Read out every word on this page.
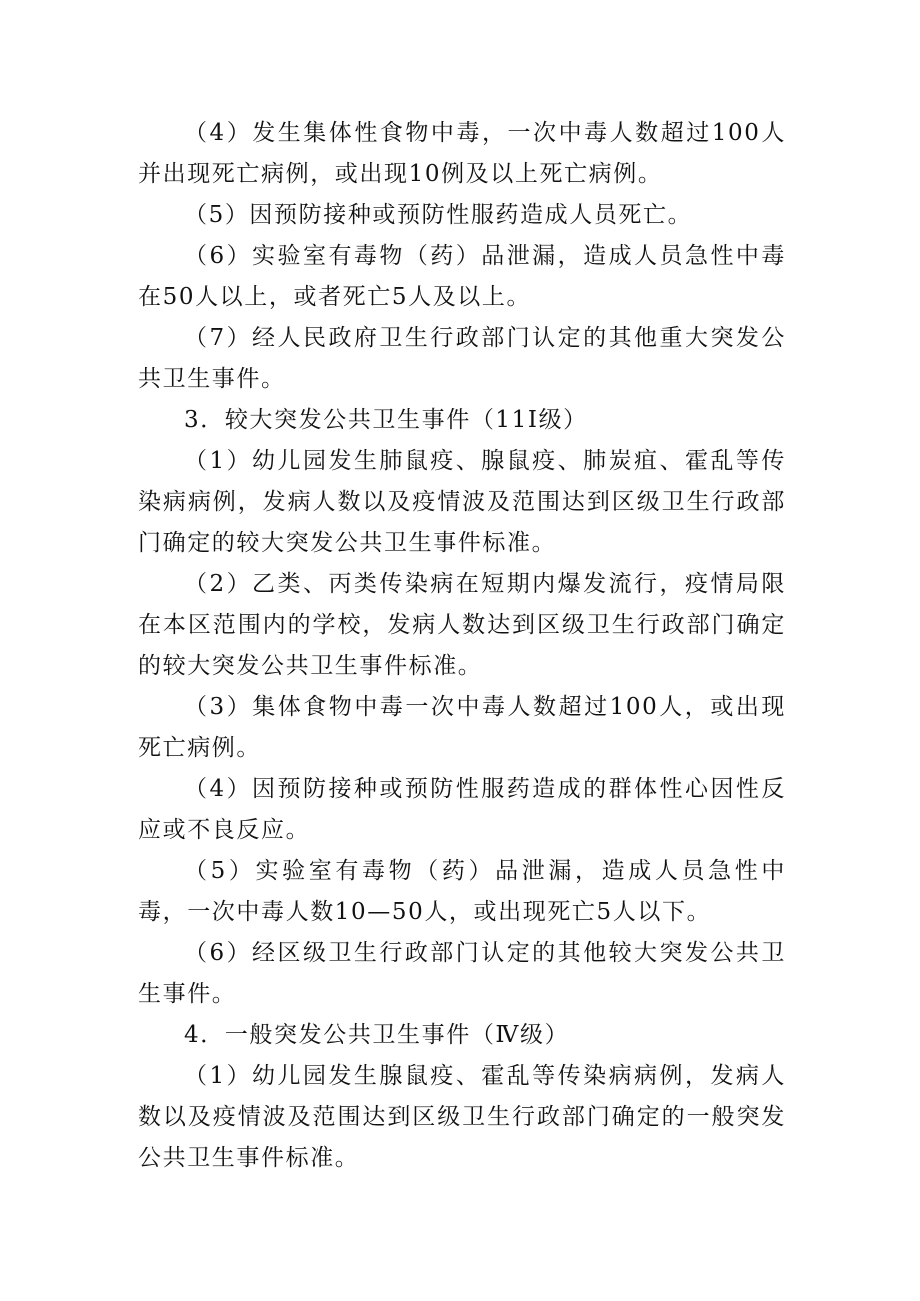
（4）发生集体性食物中毒，一次中毒人数超过100人并出现死亡病例，或出现10例及以上死亡病例。

（5）因预防接种或预防性服药造成人员死亡。

（6）实验室有毒物（药）品泄漏，造成人员急性中毒在50人以上，或者死亡5人及以上。

（7）经人民政府卫生行政部门认定的其他重大突发公共卫生事件。

3．较大突发公共卫生事件（11I级）

（1）幼儿园发生肺鼠疫、腺鼠疫、肺炭疽、霍乱等传染病病例，发病人数以及疫情波及范围达到区级卫生行政部门确定的较大突发公共卫生事件标准。

（2）乙类、丙类传染病在短期内爆发流行，疫情局限在本区范围内的学校，发病人数达到区级卫生行政部门确定的较大突发公共卫生事件标准。

（3）集体食物中毒一次中毒人数超过100人，或出现死亡病例。

（4）因预防接种或预防性服药造成的群体性心因性反应或不良反应。

（5）实验室有毒物（药）品泄漏，造成人员急性中毒，一次中毒人数10—50人，或出现死亡5人以下。

（6）经区级卫生行政部门认定的其他较大突发公共卫生事件。

4．一般突发公共卫生事件（Ⅳ级）

（1）幼儿园发生腺鼠疫、霍乱等传染病病例，发病人数以及疫情波及范围达到区级卫生行政部门确定的一般突发公共卫生事件标准。
